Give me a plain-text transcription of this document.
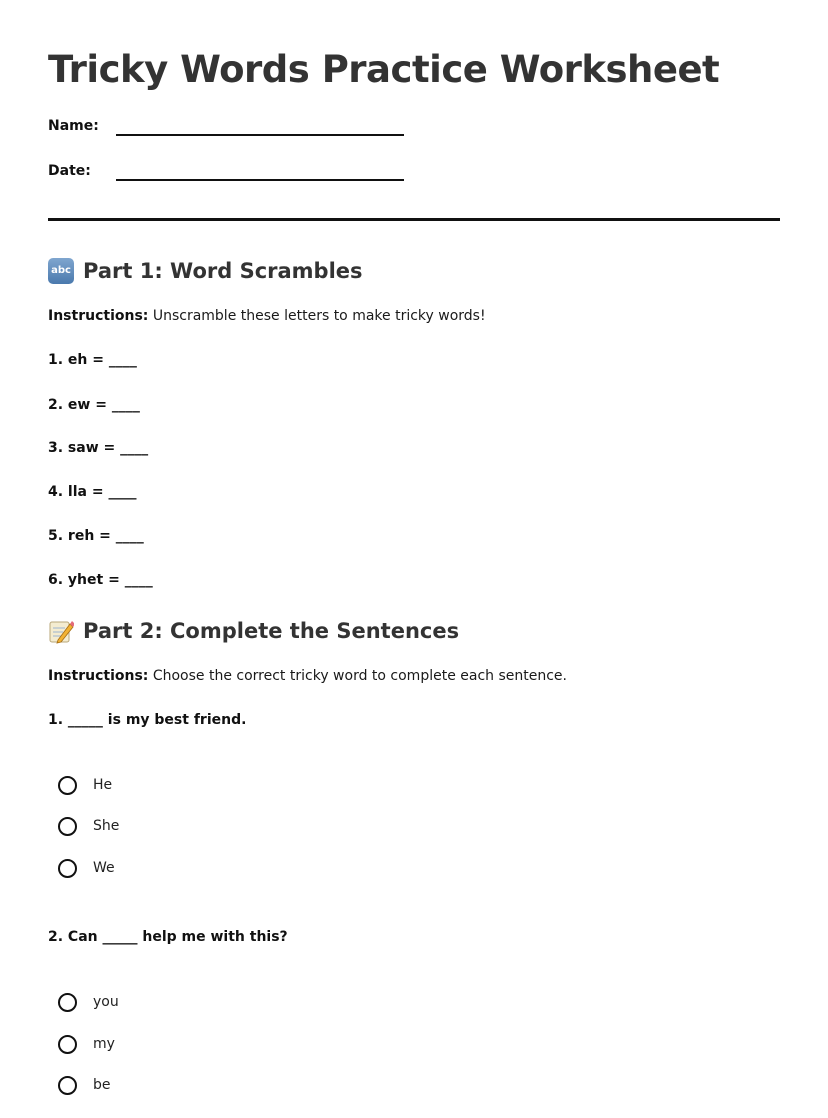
Tricky Words Practice Worksheet
Name:
Date:
abc Part 1: Word Scrambles
Instructions: Unscramble these letters to make tricky words!
1. eh = ____
2. ew = ____
3. saw = ____
4. lla = ____
5. reh = ____
6. yhet = ____
Part 2: Complete the Sentences
Instructions: Choose the correct tricky word to complete each sentence.
1. _____ is my best friend.
He
She
We
2. Can _____ help me with this?
you
my
be
